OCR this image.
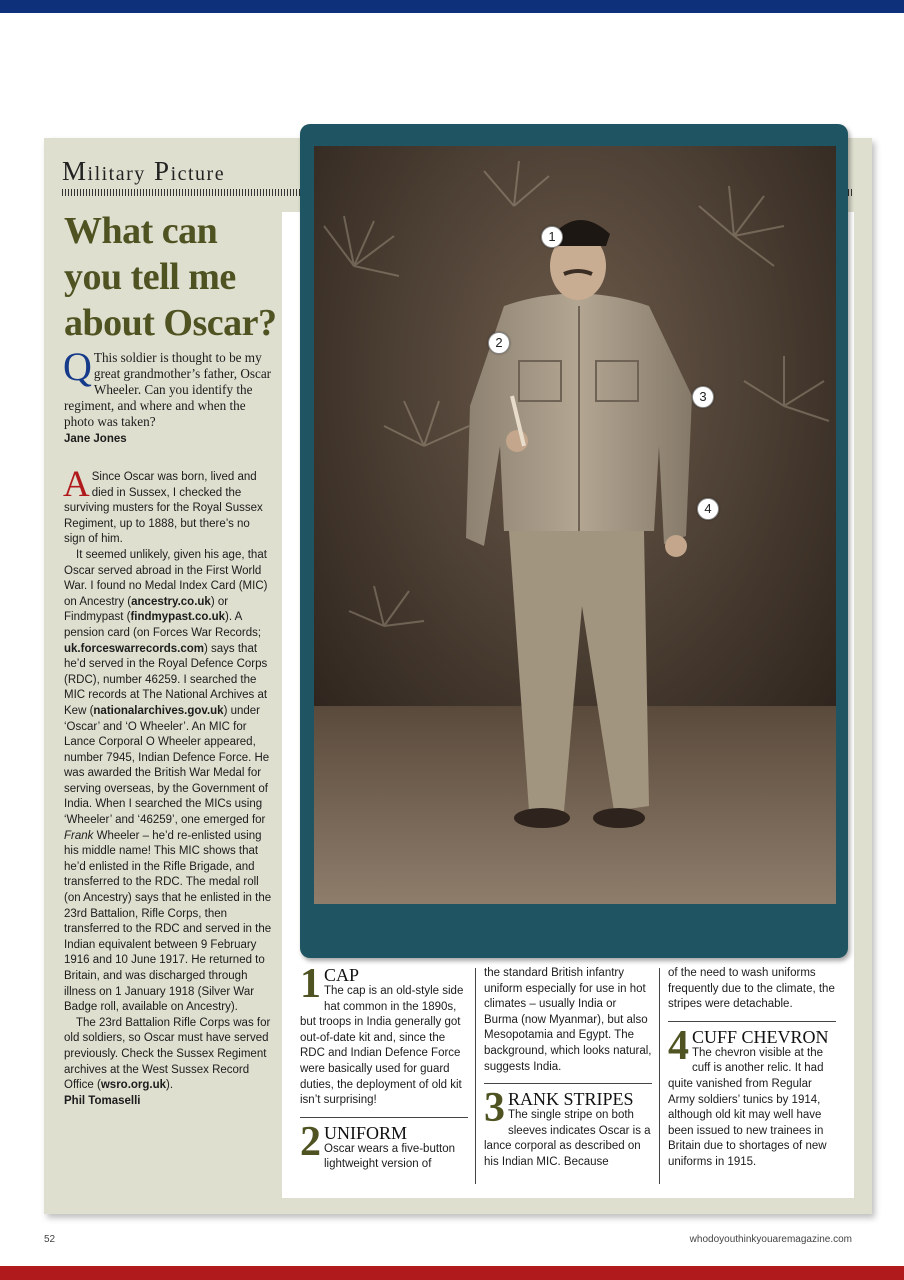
Military Picture
What can you tell me about Oscar?
Q This soldier is thought to be my great grandmother’s father, Oscar Wheeler. Can you identify the regiment, and where and when the photo was taken?
Jane Jones

A Since Oscar was born, lived and died in Sussex, I checked the surviving musters for the Royal Sussex Regiment, up to 1888, but there’s no sign of him.

It seemed unlikely, given his age, that Oscar served abroad in the First World War. I found no Medal Index Card (MIC) on Ancestry (ancestry.co.uk) or Findmypast (findmypast.co.uk). A pension card (on Forces War Records; uk.forceswarrecords.com) says that he’d served in the Royal Defence Corps (RDC), number 46259. I searched the MIC records at The National Archives at Kew (nationalarchives.gov.uk) under ‘Oscar’ and ‘O Wheeler’. An MIC for Lance Corporal O Wheeler appeared, number 7945, Indian Defence Force. He was awarded the British War Medal for serving overseas, by the Government of India. When I searched the MICs using ‘Wheeler’ and ‘46259’, one emerged for Frank Wheeler – he’d re-enlisted using his middle name! This MIC shows that he’d enlisted in the Rifle Brigade, and transferred to the RDC. The medal roll (on Ancestry) says that he enlisted in the 23rd Battalion, Rifle Corps, then transferred to the RDC and served in the Indian equivalent between 9 February 1916 and 10 June 1917. He returned to Britain, and was discharged through illness on 1 January 1918 (Silver War Badge roll, available on Ancestry).

The 23rd Battalion Rifle Corps was for old soldiers, so Oscar must have served previously. Check the Sussex Regiment archives at the West Sussex Record Office (wsro.org.uk).
Phil Tomaselli

1
2
3
4
1 CAP
The cap is an old-style side hat common in the 1890s, but troops in India generally got out-of-date kit and, since the RDC and Indian Defence Force were basically used for guard duties, the deployment of old kit isn’t surprising!
2 UNIFORM
Oscar wears a five-button lightweight version of
the standard British infantry uniform especially for use in hot climates – usually India or Burma (now Myanmar), but also Mesopotamia and Egypt. The background, which looks natural, suggests India.
3 RANK STRIPES
The single stripe on both sleeves indicates Oscar is a lance corporal as described on his Indian MIC. Because
of the need to wash uniforms frequently due to the climate, the stripes were detachable.
4 CUFF CHEVRON
The chevron visible at the cuff is another relic. It had quite vanished from Regular Army soldiers’ tunics by 1914, although old kit may well have been issued to new trainees in Britain due to shortages of new uniforms in 1915.
52	whodoyouthinkyouaremagazine.com
